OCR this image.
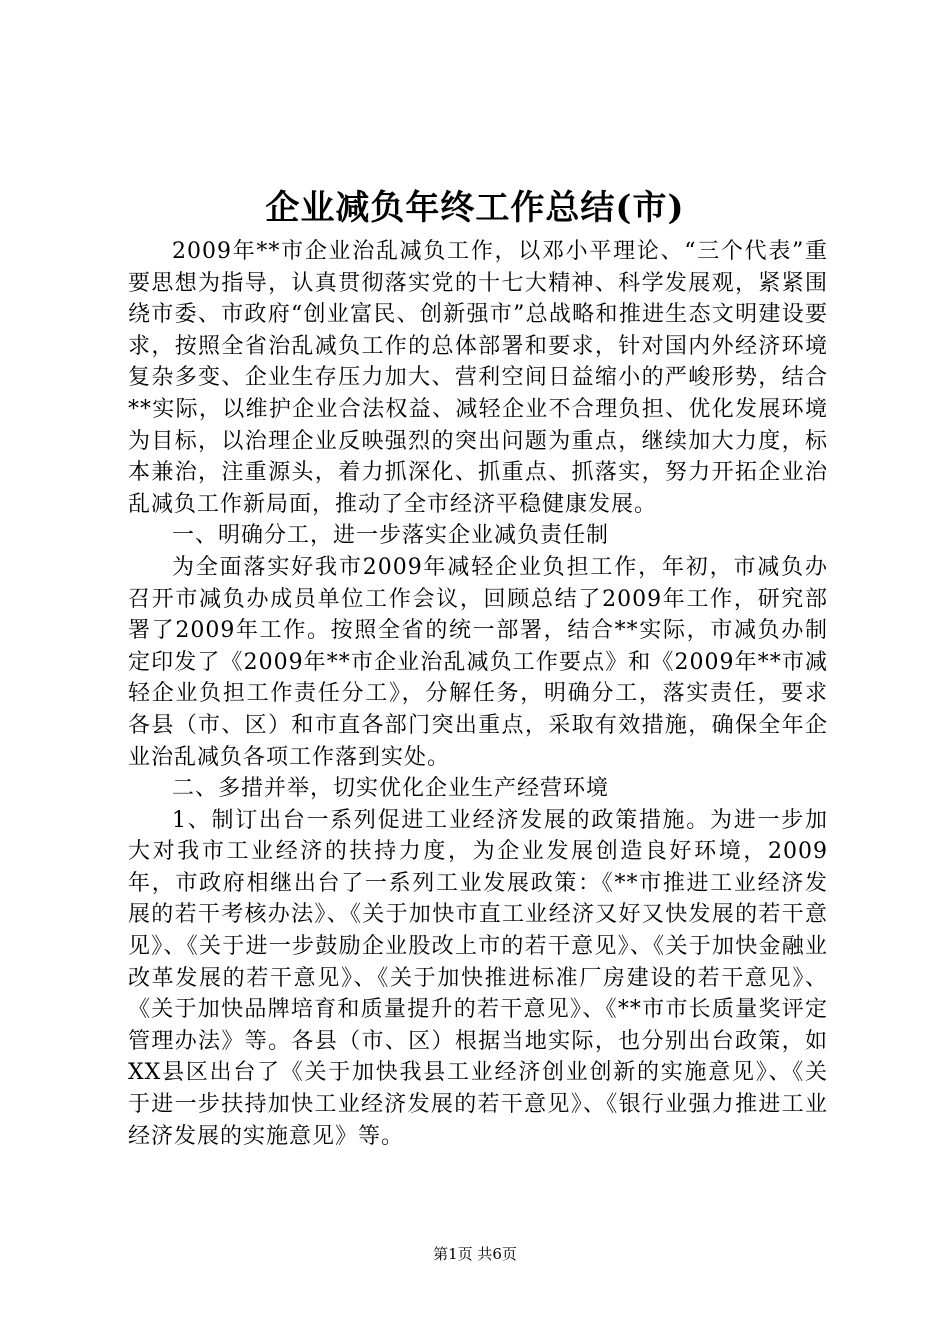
企业减负年终工作总结(市)

2009年**市企业治乱减负工作，以邓小平理论、“三个代表”重要思想为指导，认真贯彻落实党的十七大精神、科学发展观，紧紧围绕市委、市政府“创业富民、创新强市”总战略和推进生态文明建设要求，按照全省治乱减负工作的总体部署和要求，针对国内外经济环境复杂多变、企业生存压力加大、营利空间日益缩小的严峻形势，结合**实际，以维护企业合法权益、减轻企业不合理负担、优化发展环境为目标，以治理企业反映强烈的突出问题为重点，继续加大力度，标本兼治，注重源头，着力抓深化、抓重点、抓落实，努力开拓企业治乱减负工作新局面，推动了全市经济平稳健康发展。

一、明确分工，进一步落实企业减负责任制

为全面落实好我市2009年减轻企业负担工作，年初，市减负办召开市减负办成员单位工作会议，回顾总结了2009年工作，研究部署了2009年工作。按照全省的统一部署，结合**实际，市减负办制定印发了《2009年**市企业治乱减负工作要点》和《2009年**市减轻企业负担工作责任分工》，分解任务，明确分工，落实责任，要求各县（市、区）和市直各部门突出重点，采取有效措施，确保全年企业治乱减负各项工作落到实处。

二、多措并举，切实优化企业生产经营环境

1、制订出台一系列促进工业经济发展的政策措施。为进一步加大对我市工业经济的扶持力度，为企业发展创造良好环境，2009年，市政府相继出台了一系列工业发展政策：《**市推进工业经济发展的若干考核办法》、《关于加快市直工业经济又好又快发展的若干意见》、《关于进一步鼓励企业股改上市的若干意见》、《关于加快金融业改革发展的若干意见》、《关于加快推进标准厂房建设的若干意见》、《关于加快品牌培育和质量提升的若干意见》、《**市市长质量奖评定管理办法》等。各县（市、区）根据当地实际，也分别出台政策，如XX县区出台了《关于加快我县工业经济创业创新的实施意见》、《关于进一步扶持加快工业经济发展的若干意见》、《银行业强力推进工业经济发展的实施意见》等。

第1页 共6页
